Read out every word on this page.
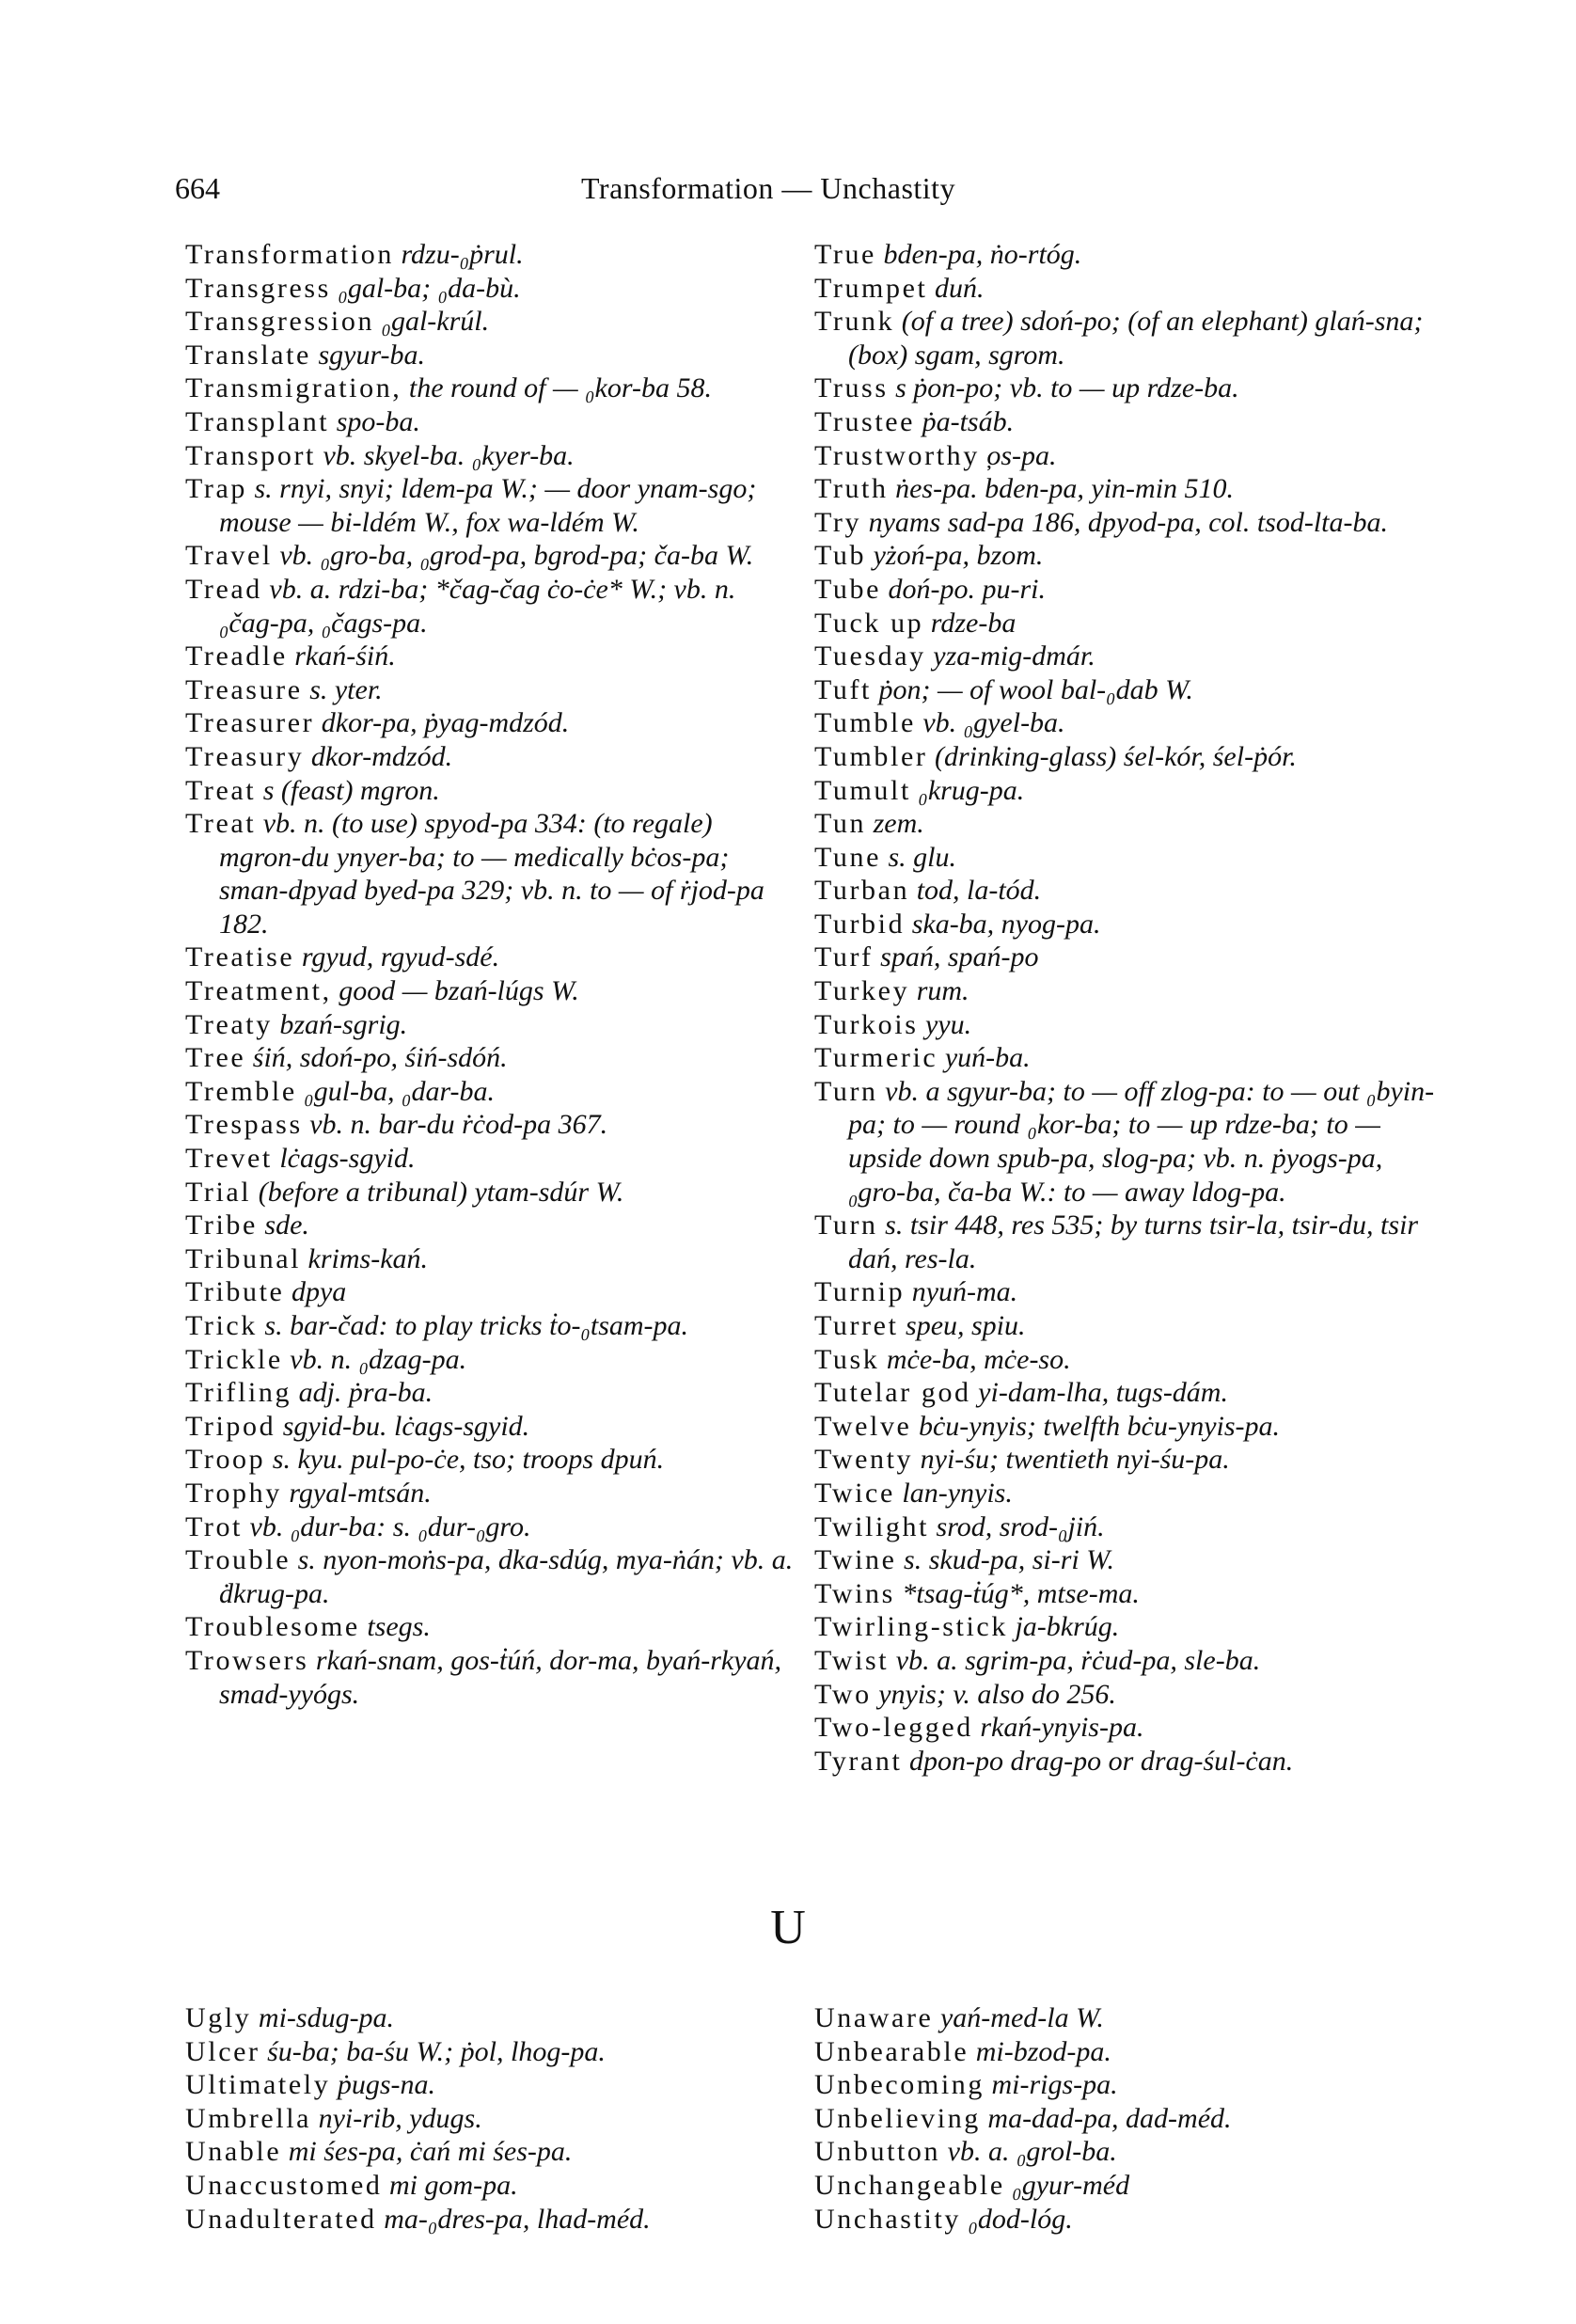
664	Transformation — Unchastity

Transformation rdzu-₀ṗrul.

Transgress ₀gal-ba; ₀da-bù.

Transgression ₀gal-krúl.

Translate sgyur-ba.

Transmigration, the round of — ₀kor-ba 58.

Transplant spo-ba.

Transport vb. skyel-ba. ₀kyer-ba.

Trap s. rnyi, snyi; ldem-pa W.; — door ynam-sgo; mouse — bi-ldém W., fox wa-ldém W.

Travel vb. ₀gro-ba, ₀grod-pa, bgrod-pa; ča-ba W.

Tread vb. a. rdzi-ba; *čag-čag ċo-ċe* W.; vb. n. ₀čag-pa, ₀čags-pa.

Treadle rkań-śiń.

Treasure s. yter.

Treasurer dkor-pa, ṗyag-mdzód.

Treasury dkor-mdzód.

Treat s (feast) mgron.

Treat vb. n. (to use) spyod-pa 334: (to regale) mgron-du ynyer-ba; to — medically bċos-pa; sman-dpyad byed-pa 329; vb. n. to — of ṙjod-pa 182.

Treatise rgyud, rgyud-sdé.

Treatment, good — bzań-lúgs W.

Treaty bzań-sgrig.

Tree śiń, sdoń-po, śiń-sdóń.

Tremble ₀gul-ba, ₀dar-ba.

Trespass vb. n. bar-du ṙċod-pa 367.

Trevet lċags-sgyid.

Trial (before a tribunal) ytam-sdúr W.

Tribe sde.

Tribunal krims-kań.

Tribute dpya

Trick s. bar-čad: to play tricks ṫo-₀tsam-pa.

Trickle vb. n. ₀dzag-pa.

Trifling adj. ṗra-ba.

Tripod sgyid-bu. lċags-sgyid.

Troop s. kyu. pul-po-ċe, tso; troops dpuń.

Trophy rgyal-mtsán.

Trot vb. ₀dur-ba: s. ₀dur-₀gro.

Trouble s. nyon-moṅs-pa, dka-sdúg, mya-ṅán; vb. a. ḋkrug-pa.

Troublesome tsegs.

Trowsers rkań-snam, gos-ṫúń, dor-ma, byań-rkyań, smad-yyógs.

True bden-pa, ṅo-rtóg.

Trumpet duń.

Trunk (of a tree) sdoń-po; (of an elephant) glań-sna; (box) sgam, sgrom.

Truss s ṗon-po; vb. to — up rdze-ba.

Trustee ṗa-tsáb.

Trustworthy ̦os-pa.

Truth ṅes-pa. bden-pa, yin-min 510.

Try nyams sad-pa 186, dpyod-pa, col. tsod-lta-ba.

Tub yżoń-pa, bzom.

Tube doń-po. pu-ri.

Tuck up rdze-ba

Tuesday yza-mig-dmár.

Tuft ṗon; — of wool bal-₀dab W.

Tumble vb. ₀gyel-ba.

Tumbler (drinking-glass) śel-kór, śel-ṗór.

Tumult ₀krug-pa.

Tun zem.

Tune s. glu.

Turban tod, la-tód.

Turbid ska-ba, nyog-pa.

Turf spań, spań-po

Turkey rum.

Turkois yyu.

Turmeric yuń-ba.

Turn vb. a sgyur-ba; to — off zlog-pa: to — out ₀byin-pa; to — round ₀kor-ba; to — up rdze-ba; to — upside down spub-pa, slog-pa; vb. n. ṗyogs-pa, ₀gro-ba, ča-ba W.: to — away ldog-pa.

Turn s. tsir 448, res 535; by turns tsir-la, tsir-du, tsir dań, res-la.

Turnip nyuń-ma.

Turret speu, spiu.

Tusk mċe-ba, mċe-so.

Tutelar god yi-dam-lha, tugs-dám.

Twelve bċu-ynyis; twelfth bċu-ynyis-pa.

Twenty nyi-śu; twentieth nyi-śu-pa.

Twice lan-ynyis.

Twilight srod, srod-₀jiń.

Twine s. skud-pa, si-ri W.

Twins *tsag-ṫúg*, mtse-ma.

Twirling-stick ja-bkrúg.

Twist vb. a. sgrim-pa, ṙċud-pa, sle-ba.

Two ynyis; v. also do 256.

Two-legged rkań-ynyis-pa.

Tyrant dpon-po drag-po or drag-śul-ċan.

U

Ugly mi-sdug-pa.

Ulcer śu-ba; ba-śu W.; ṗol, lhog-pa.

Ultimately ṗugs-na.

Umbrella nyi-rib, ydugs.

Unable mi śes-pa, ċań mi śes-pa.

Unaccustomed mi gom-pa.

Unadulterated ma-₀dres-pa, lhad-méd.

Unaware yań-med-la W.

Unbearable mi-bzod-pa.

Unbecoming mi-rigs-pa.

Unbelieving ma-dad-pa, dad-méd.

Unbutton vb. a. ₀grol-ba.

Unchangeable ₀gyur-méd

Unchastity ₀dod-lóg.
